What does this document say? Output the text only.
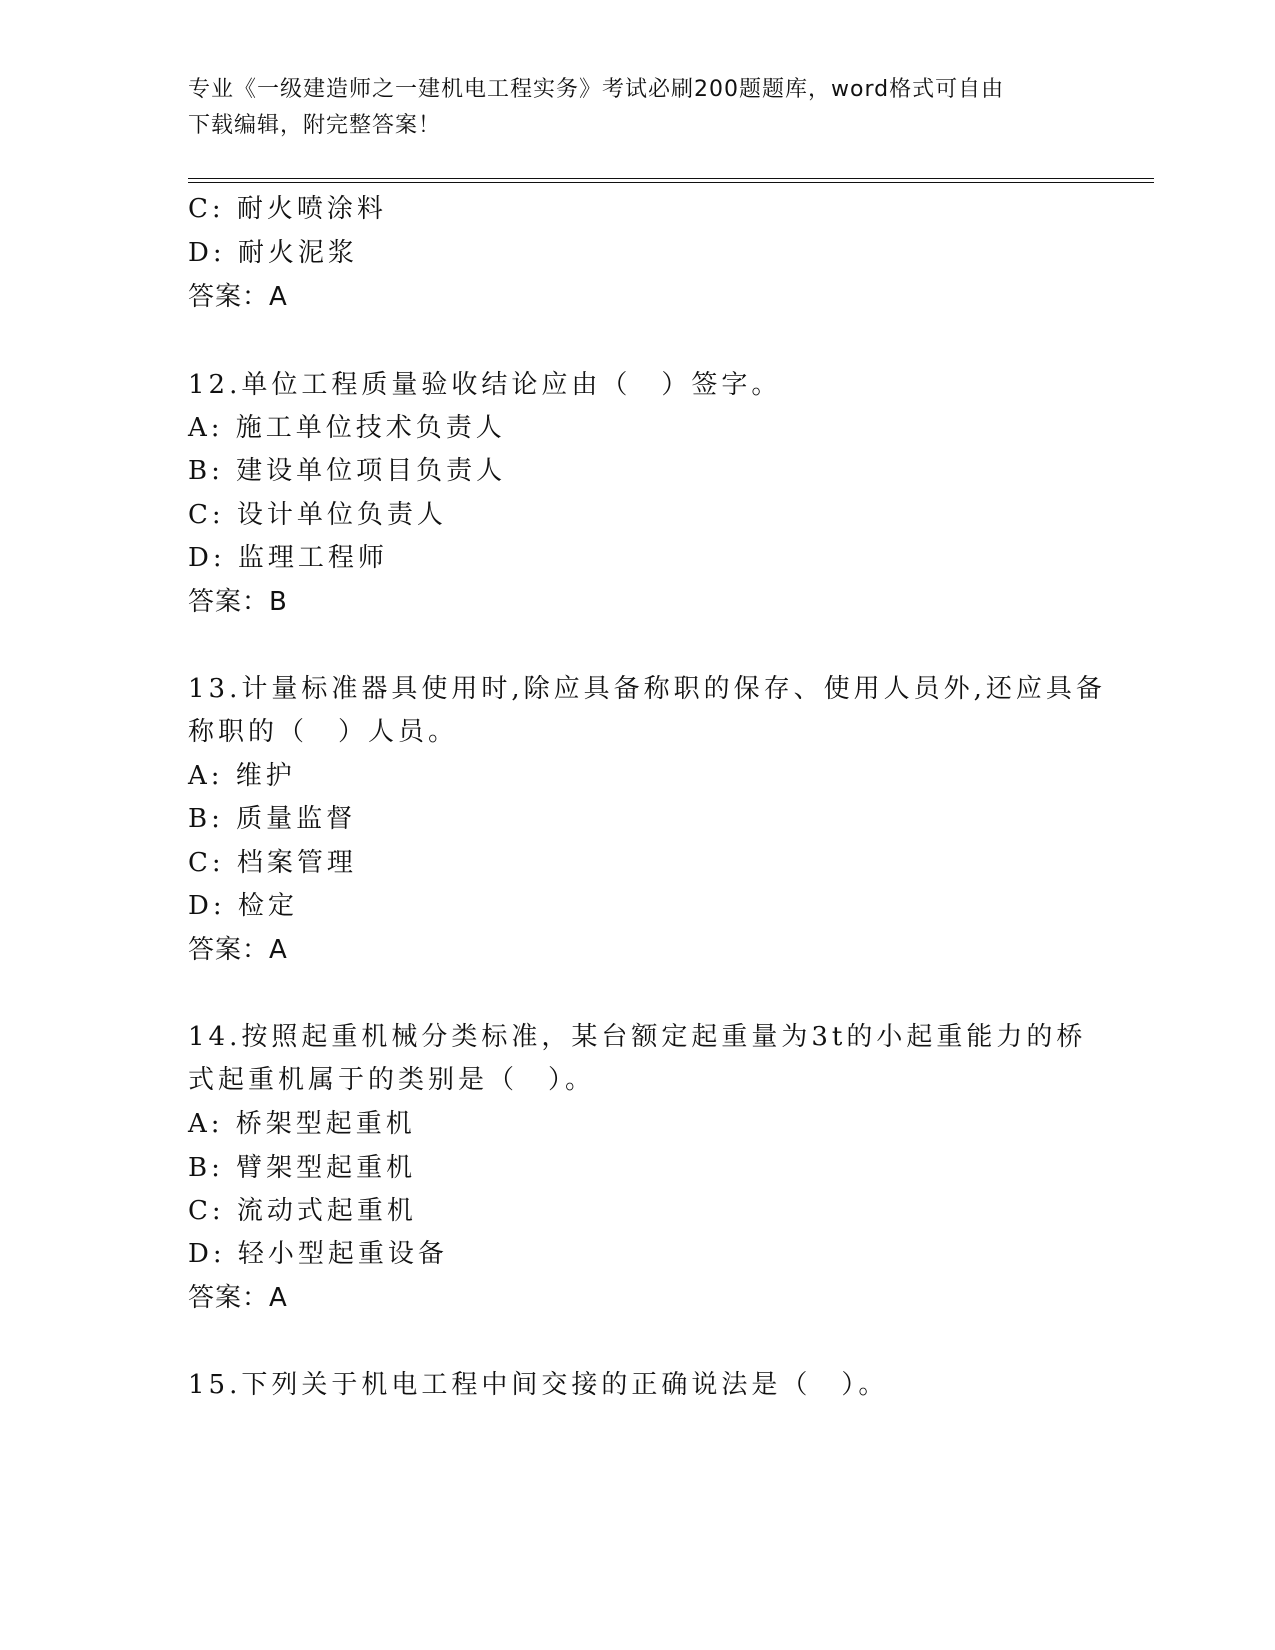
专业《一级建造师之一建机电工程实务》考试必刷200题题库，word格式可自由
下载编辑，附完整答案！
C: 耐火喷涂料
D: 耐火泥浆
答案：A
12.单位工程质量验收结论应由（　）签字。
A: 施工单位技术负责人
B: 建设单位项目负责人
C: 设计单位负责人
D: 监理工程师
答案：B
13.计量标准器具使用时,除应具备称职的保存、使用人员外,还应具备
称职的（　）人员。
A: 维护
B: 质量监督
C: 档案管理
D: 检定
答案：A
14.按照起重机械分类标准，某台额定起重量为3t的小起重能力的桥
式起重机属于的类别是（　）。
A: 桥架型起重机
B: 臂架型起重机
C: 流动式起重机
D: 轻小型起重设备
答案：A
15.下列关于机电工程中间交接的正确说法是（　）。
